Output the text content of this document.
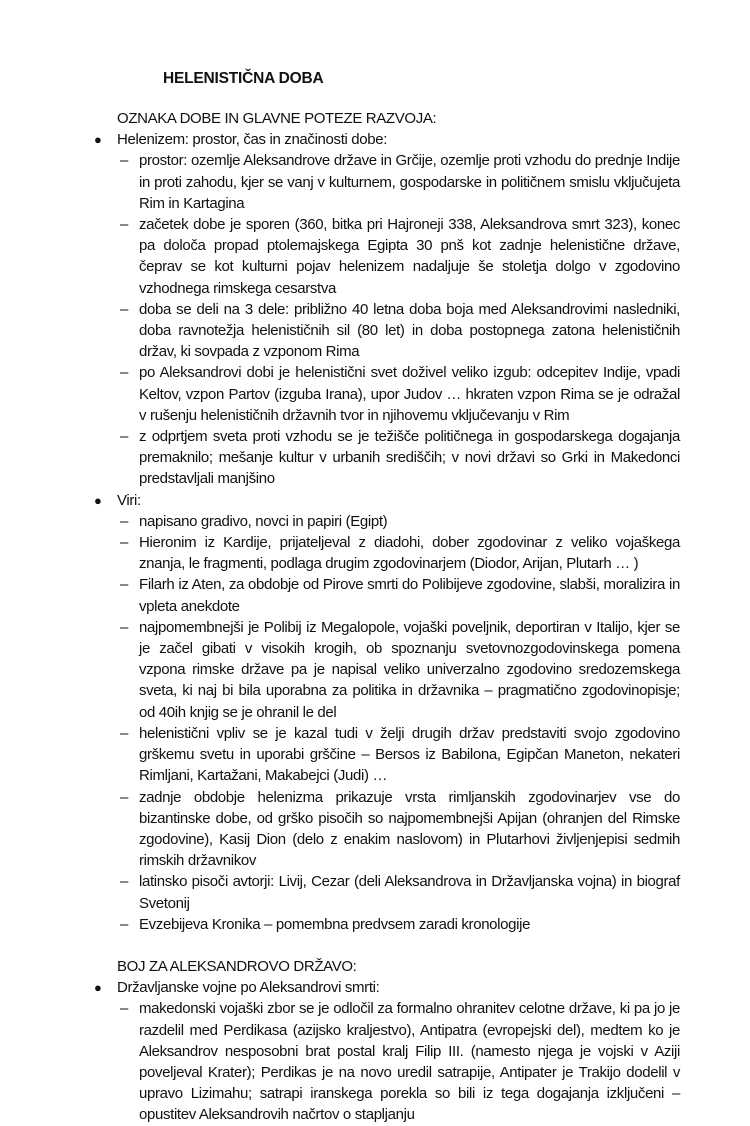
HELENISTIČNA DOBA

OZNAKA DOBE IN GLAVNE POTEZE RAZVOJA:

● Helenizem: prostor, čas in značinosti dobe:
– prostor: ozemlje Aleksandrove države in Grčije, ozemlje proti vzhodu do prednje Indije in proti zahodu, kjer se vanj v kulturnem, gospodarske in političnem smislu vključujeta Rim in Kartagina
– začetek dobe je sporen (360, bitka pri Hajroneji 338, Aleksandrova smrt 323), konec pa določa propad ptolemajskega Egipta 30 pnš kot zadnje helenistične države, čeprav se kot kulturni pojav helenizem nadaljuje še stoletja dolgo v zgodovino vzhodnega rimskega cesarstva
– doba se deli na 3 dele: približno 40 letna doba boja med Aleksandrovimi nasledniki, doba ravnotežja helenističnih sil (80 let) in doba postopnega zatona helenističnih držav, ki sovpada z vzponom Rima
– po Aleksandrovi dobi je helenistični svet doživel veliko izgub: odcepitev Indije, vpadi Keltov, vzpon Partov (izguba Irana), upor Judov … hkraten vzpon Rima se je odražal v rušenju helenističnih državnih tvor in njihovemu vključevanju v Rim
– z odprtjem sveta proti vzhodu se je težišče političnega in gospodarskega dogajanja premaknilo; mešanje kultur v urbanih središčih; v novi državi so Grki in Makedonci predstavljali manjšino
● Viri:
– napisano gradivo, novci in papiri (Egipt)
– Hieronim iz Kardije, prijateljeval z diadohi, dober zgodovinar z veliko vojaškega znanja, le fragmenti, podlaga drugim zgodovinarjem (Diodor, Arijan, Plutarh … )
– Filarh iz Aten, za obdobje od Pirove smrti do Polibijeve zgodovine, slabši, moralizira in vpleta anekdote
– najpomembnejši je Polibij iz Megalopole, vojaški poveljnik, deportiran v Italijo, kjer se je začel gibati v visokih krogih, ob spoznanju svetovnozgodovinskega pomena vzpona rimske države pa je napisal veliko univerzalno zgodovino sredozemskega sveta, ki naj bi bila uporabna za politika in državnika – pragmatično zgodovinopisje; od 40ih knjig se je ohranil le del
– helenistični vpliv se je kazal tudi v želji drugih držav predstaviti svojo zgodovino grškemu svetu in uporabi grščine – Bersos iz Babilona, Egipčan Maneton, nekateri Rimljani, Kartažani, Makabejci (Judi) …
– zadnje obdobje helenizma prikazuje vrsta rimljanskih zgodovinarjev vse do bizantinske dobe, od grško pisočih so najpomembnejši Apijan (ohranjen del Rimske zgodovine), Kasij Dion (delo z enakim naslovom) in Plutarhovi življenjepisi sedmih rimskih državnikov
– latinsko pisoči avtorji: Livij, Cezar (deli Aleksandrova in Državljanska vojna) in biograf Svetonij
– Evzebijeva Kronika – pomembna predvsem zaradi kronologije

BOJ ZA ALEKSANDROVO DRŽAVO:

● Državljanske vojne po Aleksandrovi smrti:
– makedonski vojaški zbor se je odločil za formalno ohranitev celotne države, ki pa jo je razdelil med Perdikasa (azijsko kraljestvo), Antipatra (evropejski del), medtem ko je Aleksandrov nesposobni brat postal kralj Filip III. (namesto njega je vojski v Aziji poveljeval Krater); Perdikas je na novo uredil satrapije, Antipater je Trakijo dodelil v upravo Lizimahu; satrapi iranskega porekla so bili iz tega dogajanja izključeni – opustitev Aleksandrovih načrtov o stapljanju
